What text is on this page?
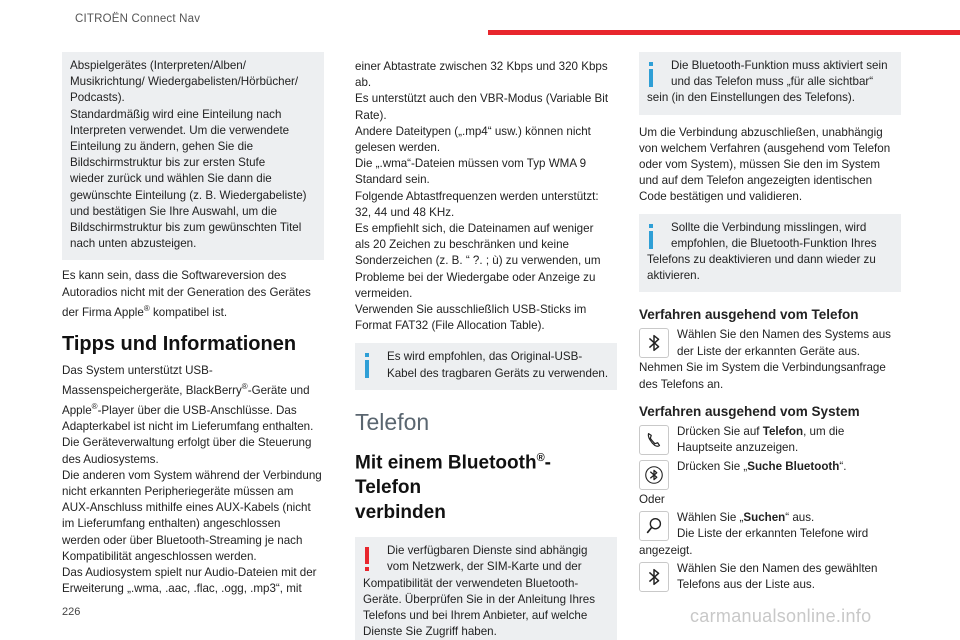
CITROËN Connect Nav
Abspielgerätes (Interpreten/Alben/
Musikrichtung/ Wiedergabelisten/Hörbücher/
Podcasts).
Standardmäßig wird eine Einteilung nach
Interpreten verwendet. Um die verwendete
Einteilung zu ändern, gehen Sie die
Bildschirmstruktur bis zur ersten Stufe
wieder zurück und wählen Sie dann die
gewünschte Einteilung (z. B. Wiedergabeliste)
und bestätigen Sie Ihre Auswahl, um die
Bildschirmstruktur bis zum gewünschten Titel
nach unten abzusteigen.
Es kann sein, dass die Softwareversion des
Autoradios nicht mit der Generation des Gerätes
der Firma Apple® kompatibel ist.
Tipps und Informationen
Das System unterstützt USB-
Massenspeichergeräte, BlackBerry®-Geräte und
Apple®-Player über die USB-Anschlüsse. Das
Adapterkabel ist nicht im Lieferumfang enthalten.
Die Geräteverwaltung erfolgt über die Steuerung
des Audiosystems.
Die anderen vom System während der Verbindung
nicht erkannten Peripheriegeräte müssen am
AUX-Anschluss mithilfe eines AUX-Kabels (nicht
im Lieferumfang enthalten) angeschlossen
werden oder über Bluetooth-Streaming je nach
Kompatibilität angeschlossen werden.
Das Audiosystem spielt nur Audio-Dateien mit der
Erweiterung „.wma, .aac, .flac, .ogg, .mp3“, mit
einer Abtastrate zwischen 32 Kbps und 320 Kbps
ab.
Es unterstützt auch den VBR-Modus (Variable Bit
Rate).
Andere Dateitypen („.mp4“ usw.) können nicht
gelesen werden.
Die „.wma“-Dateien müssen vom Typ WMA 9
Standard sein.
Folgende Abtastfrequenzen werden unterstützt:
32, 44 und 48 KHz.
Es empfiehlt sich, die Dateinamen auf weniger
als 20 Zeichen zu beschränken und keine
Sonderzeichen (z. B. “ ?. ; ù) zu verwenden, um
Probleme bei der Wiedergabe oder Anzeige zu
vermeiden.
Verwenden Sie ausschließlich USB-Sticks im
Format FAT32 (File Allocation Table).
Es wird empfohlen, das Original-USB-
Kabel des tragbaren Geräts zu verwenden.
Telefon
Mit einem Bluetooth®-Telefon
verbinden
Die verfügbaren Dienste sind abhängig
vom Netzwerk, der SIM-Karte und der
Kompatibilität der verwendeten Bluetooth-
Geräte. Überprüfen Sie in der Anleitung Ihres
Telefons und bei Ihrem Anbieter, auf welche
Dienste Sie Zugriff haben.
Die Bluetooth-Funktion muss aktiviert sein
und das Telefon muss „für alle sichtbar“
sein (in den Einstellungen des Telefons).
Um die Verbindung abzuschließen, unabhängig
von welchem Verfahren (ausgehend vom Telefon
oder vom System), müssen Sie den im System
und auf dem Telefon angezeigten identischen
Code bestätigen und validieren.
Sollte die Verbindung misslingen, wird
empfohlen, die Bluetooth-Funktion Ihres
Telefons zu deaktivieren und dann wieder zu
aktivieren.
Verfahren ausgehend vom Telefon
Wählen Sie den Namen des Systems aus
der Liste der erkannten Geräte aus.
Nehmen Sie im System die Verbindungsanfrage
des Telefons an.
Verfahren ausgehend vom System
Drücken Sie auf Telefon, um die
Hauptseite anzuzeigen.
Drücken Sie „Suche Bluetooth“.
Oder
Wählen Sie „Suchen“ aus.
Die Liste der erkannten Telefone wird
angezeigt.
Wählen Sie den Namen des gewählten
Telefons aus der Liste aus.
226	carmanualsonline.info
